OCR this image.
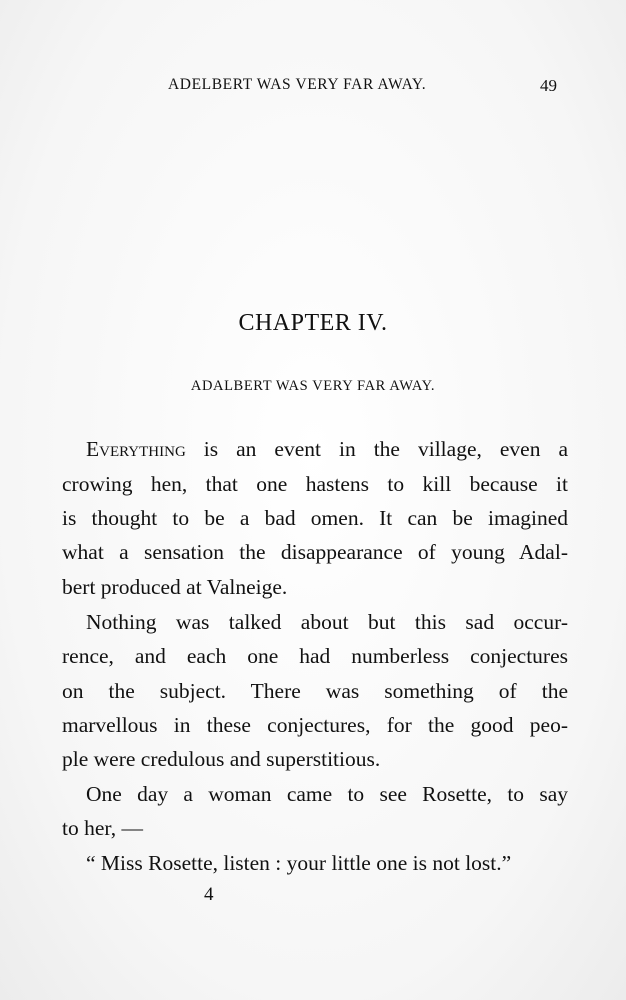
ADELBERT WAS VERY FAR AWAY.	49
CHAPTER IV.
ADALBERT WAS VERY FAR AWAY.
Everything is an event in the village, even a
crowing hen, that one hastens to kill because it
is thought to be a bad omen. It can be imagined
what a sensation the disappearance of young Adal-
bert produced at Valneige.
Nothing was talked about but this sad occur-
rence, and each one had numberless conjectures
on the subject. There was something of the
marvellous in these conjectures, for the good peo-
ple were credulous and superstitious.
One day a woman came to see Rosette, to say
to her, —
“ Miss Rosette, listen : your little one is not lost.”
4
